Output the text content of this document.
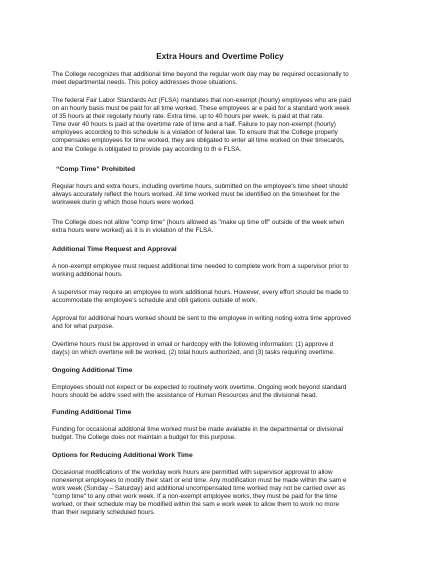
Extra Hours and Overtime Policy

The College recognizes that additional time beyond the regular work day may be required occasionally to

meet departmental needs. This policy addresses those situations.

The federal Fair Labor Standards Act (FLSA) mandates that non-exempt (hourly) employees who are paid

on an hourly basis must be paid for all time worked. These employees ar e paid for a standard work week

of 35 hours at their regularly hourly rate. Extra time, up to 40 hours per week, is paid at that rate.

Time over 40 hours is paid at the overtime rate of time and a half. Failure to pay non-exempt (hourly)

employees according to this schedule is a violation of federal law. To ensure that the College properly

compensates employees for time worked, they are obligated to enter all time worked on their timecards,

and the College is obligated to provide pay according to th e FLSA.

“Comp Time” Prohibited

Regular hours and extra hours, including overtime hours, submitted on the employee's time sheet should

always accurately reflect the hours worked. All time worked must be identified on the timesheet for the

workweek durin g which those hours were worked.

The College does not allow "comp time" (hours allowed as "make up time off" outside of the week when

extra hours were worked) as it is in violation of the FLSA.

Additional Time Request and Approval

A non-exempt employee must request additional time needed to complete work from a supervisor prior to

working additional hours.

A supervisor may require an employee to work additional hours. However, every effort should be made to

accommodate the employee's schedule and obli gations outside of work.

Approval for additional hours worked should be sent to the employee in writing noting extra time approved

and for what purpose.

Overtime hours must be approved in email or hardcopy with the following information: (1) approve d

day(s) on which overtime will be worked, (2) total hours authorized, and (3) tasks requiring overtime.

Ongoing Additional Time

Employees should not expect or be expected to routinely work overtime. Ongoing work beyond standard

hours should be addre ssed with the assistance of Human Resources and the divisional head.

Funding Additional Time

Funding for occasional additional time worked must be made available in the departmental or divisional

budget. The College does not maintain a budget for this purpose.

Options for Reducing Additional Work Time

Occasional modifications of the workday work hours are permitted with supervisor approval to allow

nonexempt employees to modify their start or end time. Any modification must be made within the sam e

work week (Sunday – Saturday) and additional uncompensated time worked may not be carried over as

"comp time" to any other work week. If a non-exempt employee works, they must be paid for the time

worked, or their schedule may be modified within the sam e work week to allow them to work no more

than their regularly scheduled hours.
